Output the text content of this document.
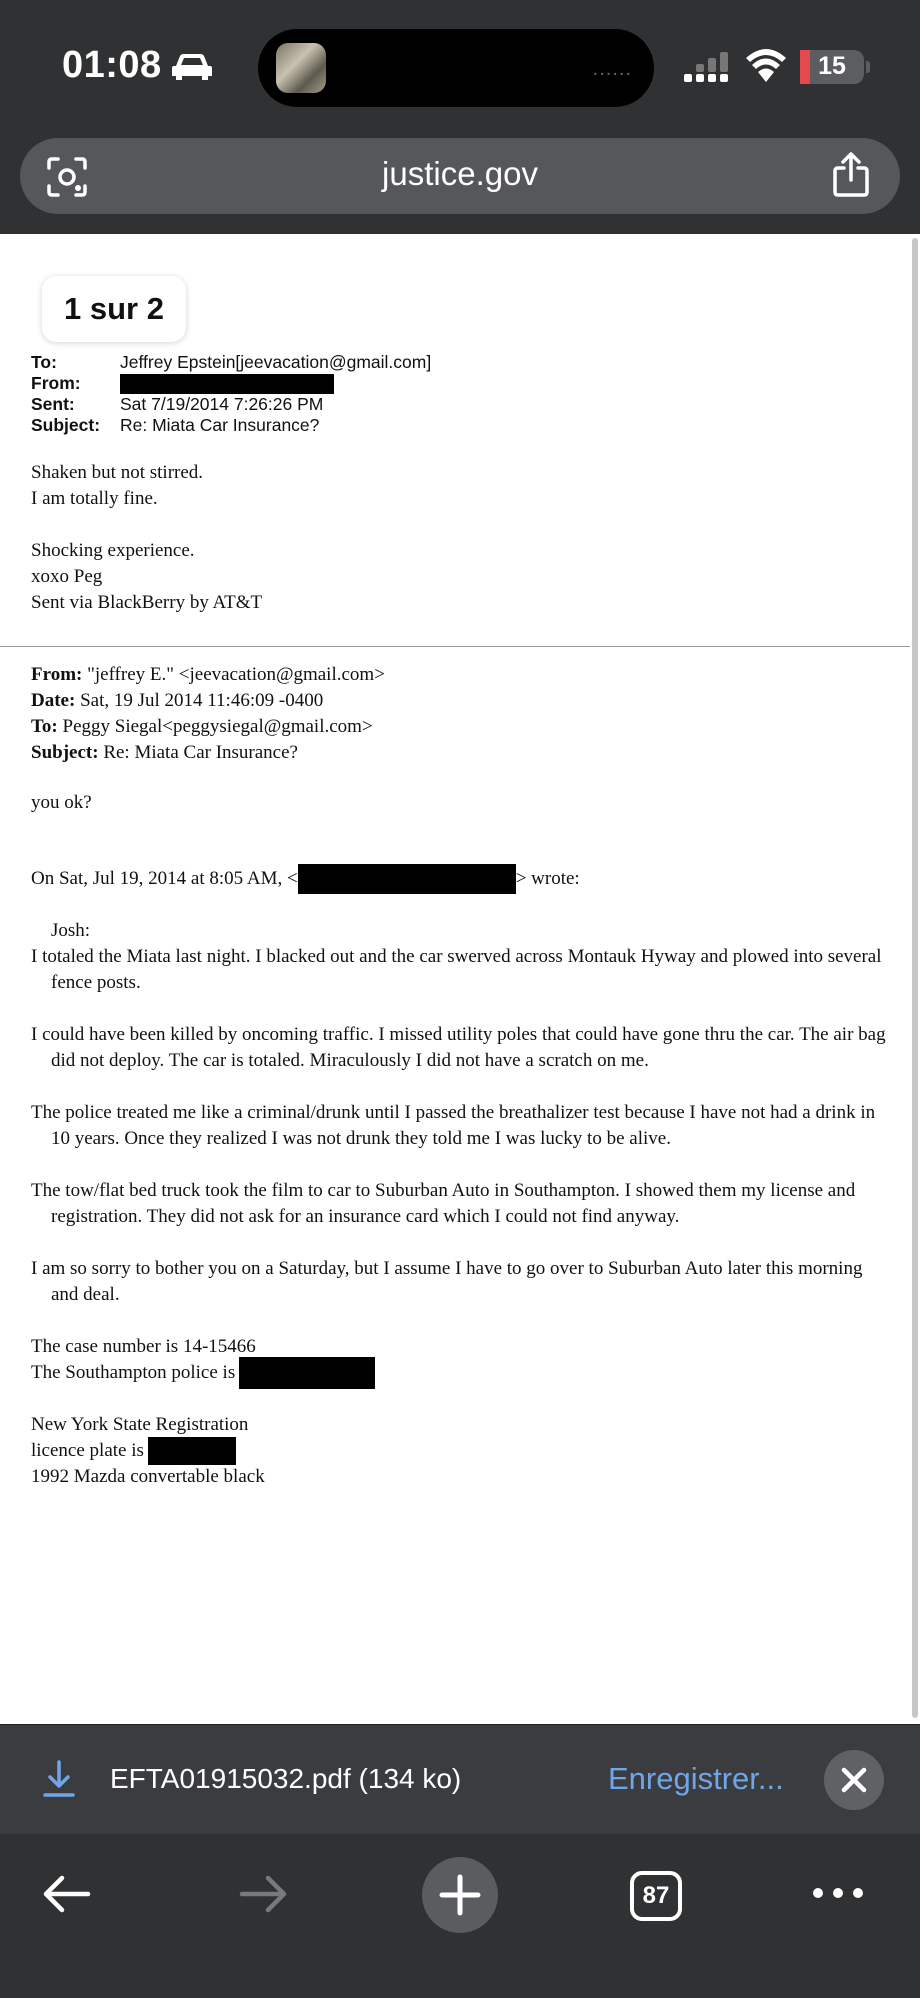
01:08	......	15
justice.gov
1 sur 2
To:	Jeffrey Epstein[jeevacation@gmail.com]
From:
Sent:	Sat 7/19/2014 7:26:26 PM
Subject:	Re: Miata Car Insurance?
Shaken but not stirred.
I am totally fine.
Shocking experience.
xoxo Peg
Sent via BlackBerry by AT&T
From: "jeffrey E." <jeevacation@gmail.com>
Date: Sat, 19 Jul 2014 11:46:09 -0400
To: Peggy Siegal<peggysiegal@gmail.com>
Subject: Re: Miata Car Insurance?
you ok?
On Sat, Jul 19, 2014 at 8:05 AM, <	> wrote:
Josh:
I totaled the Miata last night. I blacked out and the car swerved across Montauk Hyway and plowed into several fence posts.
I could have been killed by oncoming traffic. I missed utility poles that could have gone thru the car. The air bag did not deploy. The car is totaled. Miraculously I did not have a scratch on me.
The police treated me like a criminal/drunk until I passed the breathalizer test because I have not had a drink in 10 years. Once they realized I was not drunk they told me I was lucky to be alive.
The tow/flat bed truck took the film to car to Suburban Auto in Southampton. I showed them my license and registration. They did not ask for an insurance card which I could not find anyway.
I am so sorry to bother you on a Saturday, but I assume I have to go over to Suburban Auto later this morning and deal.
The case number is 14-15466
The Southampton police is
New York State Registration
licence plate is
1992 Mazda convertable black
EFTA01915032.pdf (134 ko)	Enregistrer...
87
